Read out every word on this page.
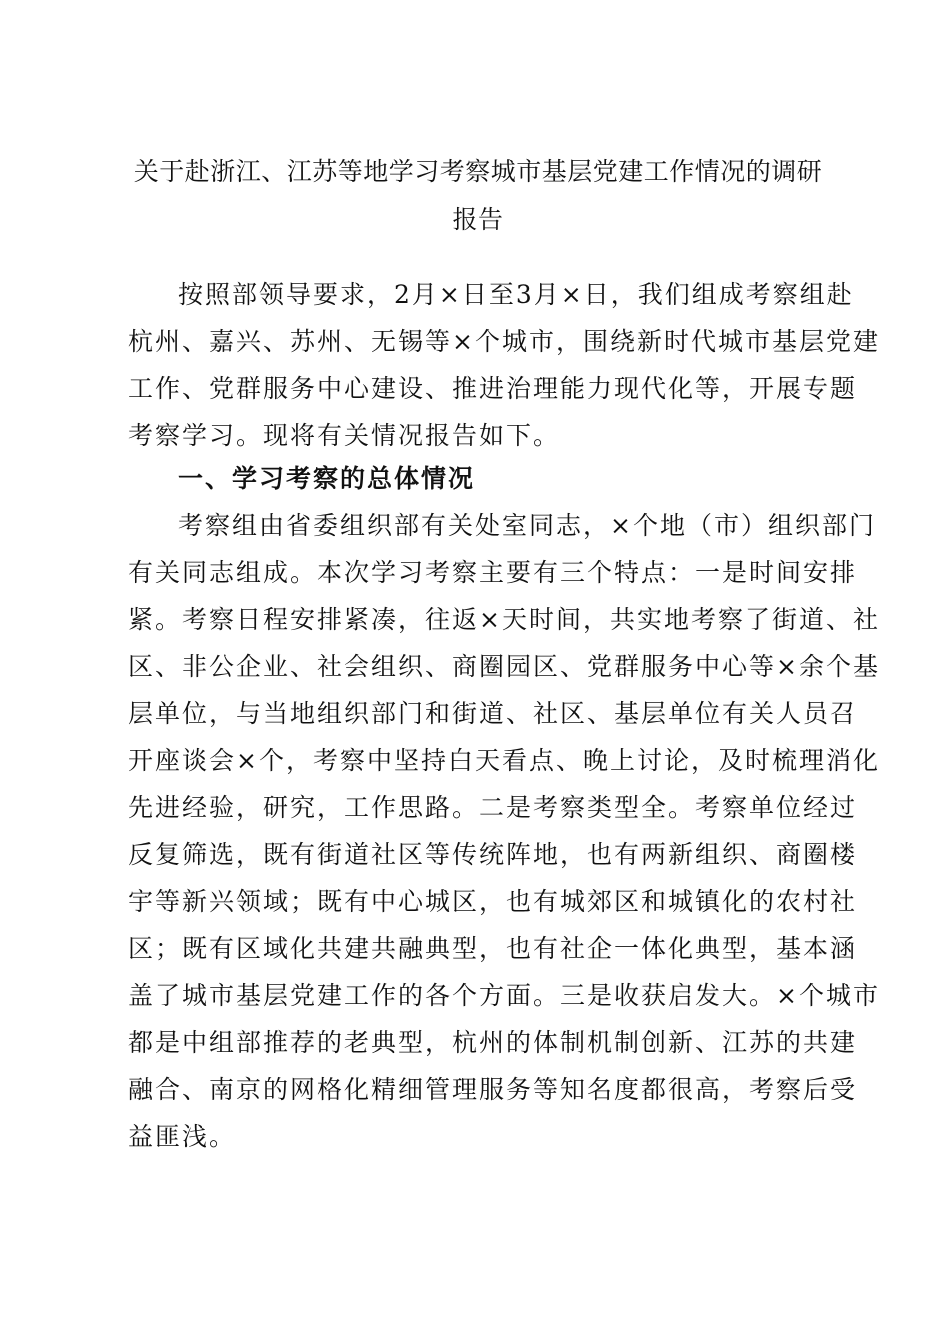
关于赴浙江、江苏等地学习考察城市基层党建工作情况的调研
报告

按照部领导要求，2月×日至3月×日，我们组成考察组赴
杭州、嘉兴、苏州、无锡等×个城市，围绕新时代城市基层党建
工作、党群服务中心建设、推进治理能力现代化等，开展专题
考察学习。现将有关情况报告如下。

一、学习考察的总体情况

考察组由省委组织部有关处室同志，×个地（市）组织部门
有关同志组成。本次学习考察主要有三个特点：一是时间安排
紧。考察日程安排紧凑，往返×天时间，共实地考察了街道、社
区、非公企业、社会组织、商圈园区、党群服务中心等×余个基
层单位，与当地组织部门和街道、社区、基层单位有关人员召
开座谈会×个，考察中坚持白天看点、晚上讨论，及时梳理消化
先进经验，研究，工作思路。二是考察类型全。考察单位经过
反复筛选，既有街道社区等传统阵地，也有两新组织、商圈楼
宇等新兴领域；既有中心城区，也有城郊区和城镇化的农村社
区；既有区域化共建共融典型，也有社企一体化典型，基本涵
盖了城市基层党建工作的各个方面。三是收获启发大。×个城市
都是中组部推荐的老典型，杭州的体制机制创新、江苏的共建
融合、南京的网格化精细管理服务等知名度都很高，考察后受
益匪浅。
